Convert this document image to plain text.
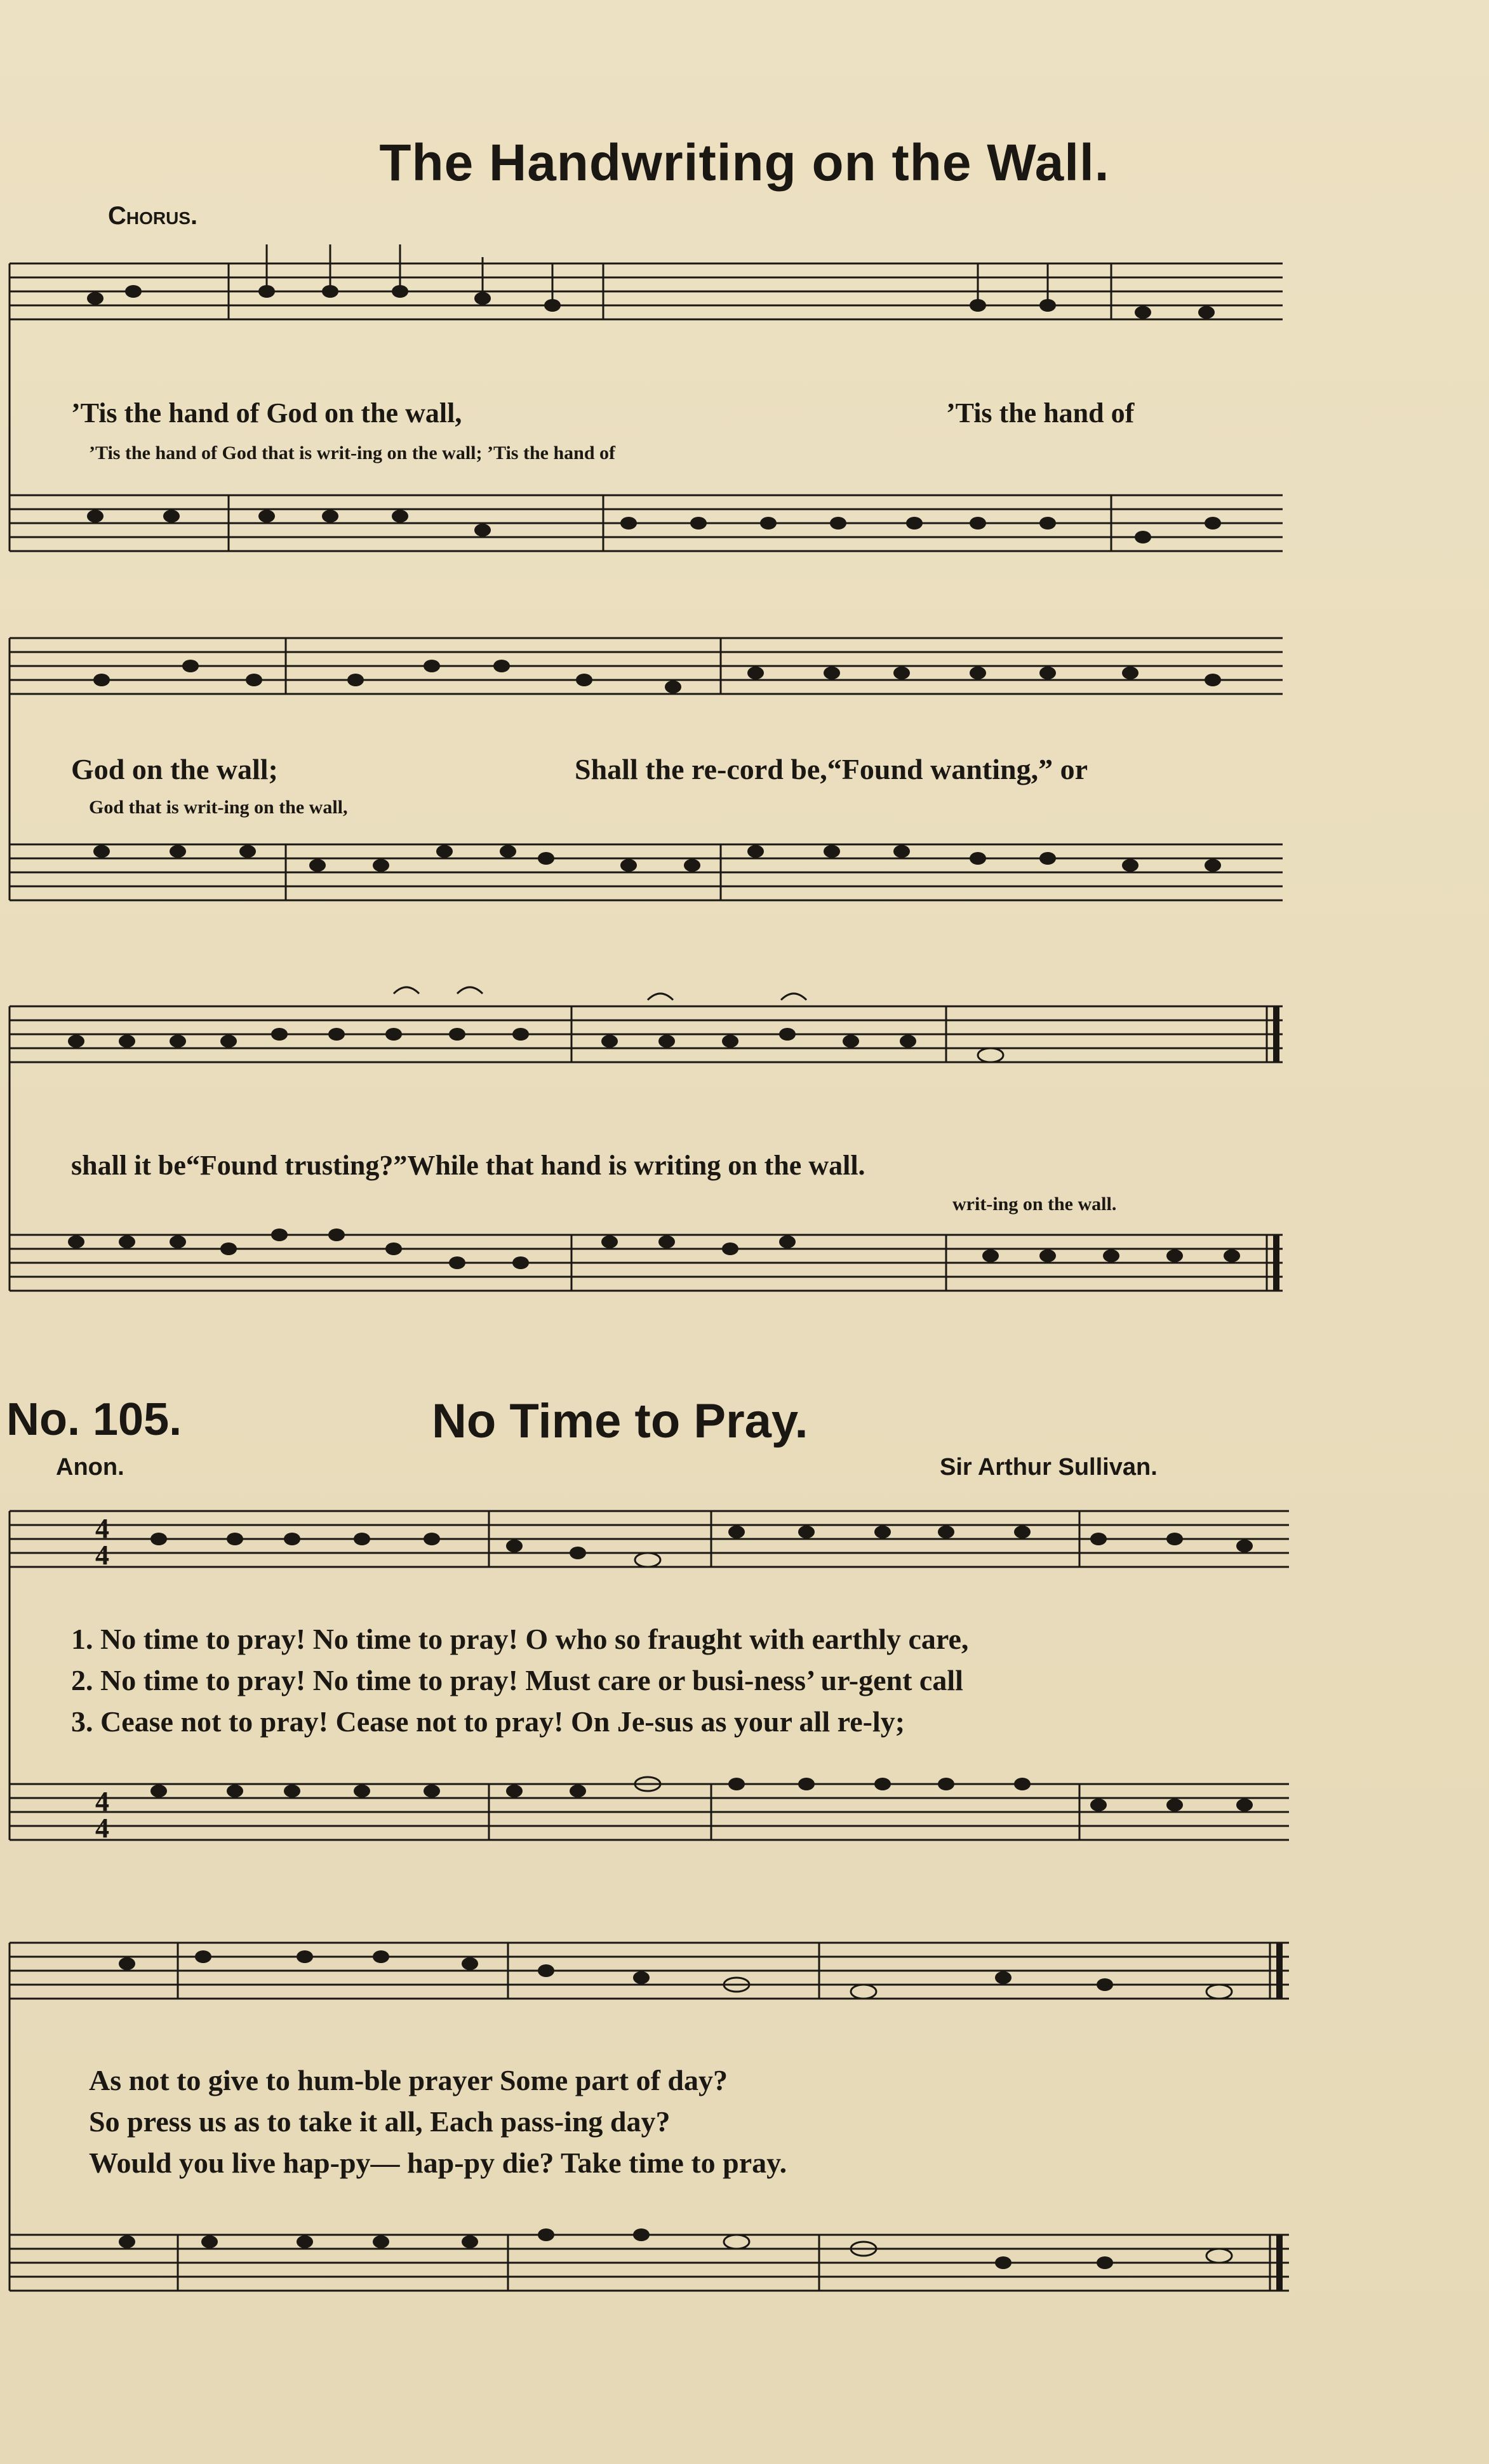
The Handwriting on the Wall.
Chorus.
’Tis the hand of God on the wall,	’Tis the hand of
’Tis the hand of God that is writ-ing on the wall; ’Tis the hand of
God on the wall;	Shall the re-cord be,“Found wanting,” or
God that is writ-ing on the wall,
shall it be“Found trusting?”While that hand is writing on the wall.
writ-ing on the wall.
No. 105.	No Time to Pray.
Anon.	Sir Arthur Sullivan.
4
4
4
4
1. No time to pray! No time to pray! O who so fraught with earthly care,
2. No time to pray! No time to pray! Must care or busi-ness’ ur-gent call
3. Cease not to pray! Cease not to pray! On Je-sus as your all re-ly;
As not to give to hum-ble prayer Some part of day?
So press us as to take it all, Each pass-ing day?
Would you live hap-py— hap-py die? Take time to pray.
